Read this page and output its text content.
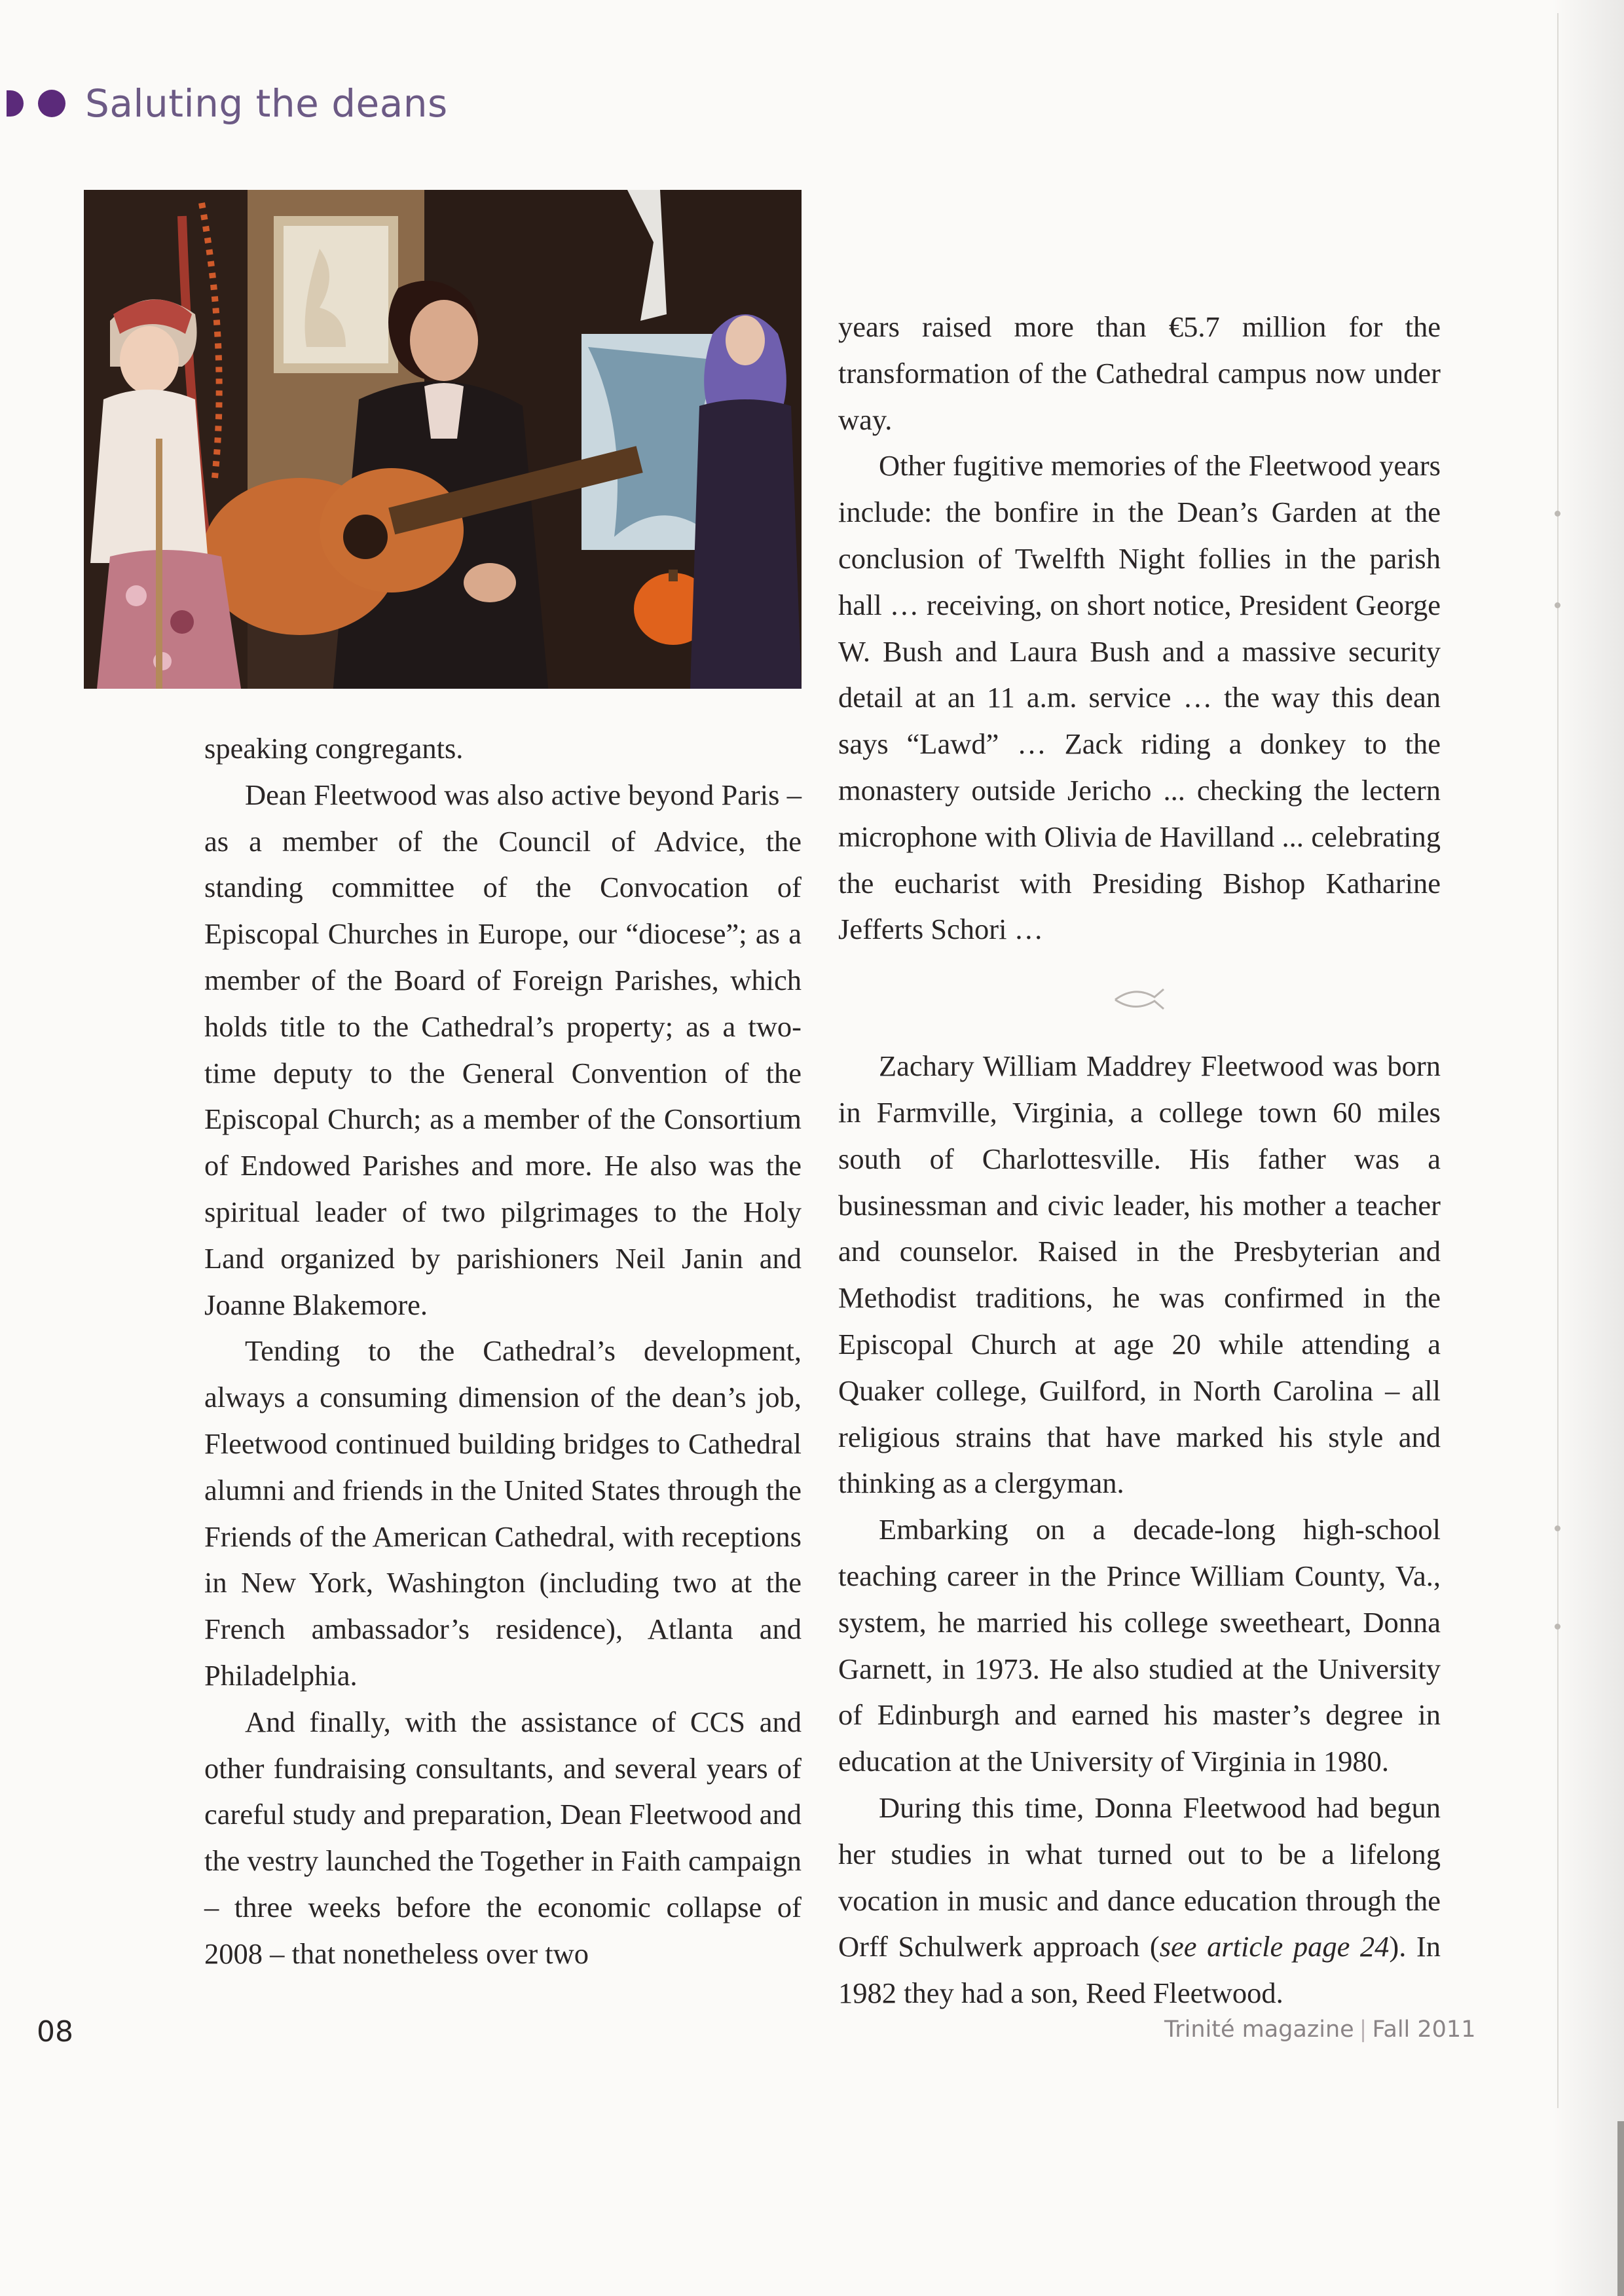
Saluting the deans

speaking congregants.

Dean Fleetwood was also active beyond Paris – as a member of the Council of Advice, the standing committee of the Convocation of Episcopal Churches in Europe, our “diocese”; as a member of the Board of Foreign Parishes, which holds title to the Cathedral’s property; as a two-time deputy to the General Convention of the Episcopal Church; as a member of the Consortium of Endowed Parishes and more. He also was the spiritual leader of two pilgrimages to the Holy Land organized by parishioners Neil Janin and Joanne Blakemore.

Tending to the Cathedral’s development, always a consuming dimension of the dean’s job, Fleetwood continued building bridges to Cathedral alumni and friends in the United States through the Friends of the American Cathedral, with receptions in New York, Washington (including two at the French ambassador’s residence), Atlanta and Philadelphia.

And finally, with the assistance of CCS and other fundraising consultants, and several years of careful study and preparation, Dean Fleetwood and the vestry launched the Together in Faith campaign – three weeks before the economic collapse of 2008 – that nonetheless over two

years raised more than €5.7 million for the transformation of the Cathedral campus now under way.

Other fugitive memories of the Fleetwood years include: the bonfire in the Dean’s Garden at the conclusion of Twelfth Night follies in the parish hall … receiving, on short notice, President George W. Bush and Laura Bush and a massive security detail at an 11 a.m. service … the way this dean says “Lawd” … Zack riding a donkey to the monastery outside Jericho ... checking the lectern microphone with Olivia de Havilland ... celebrating the eucharist with Presiding Bishop Katharine Jefferts Schori …

Zachary William Maddrey Fleetwood was born in Farmville, Virginia, a college town 60 miles south of Charlottesville. His father was a businessman and civic leader, his mother a teacher and counselor. Raised in the Presbyterian and Methodist traditions, he was confirmed in the Episcopal Church at age 20 while attending a Quaker college, Guilford, in North Carolina – all religious strains that have marked his style and thinking as a clergyman.

Embarking on a decade-long high-school teaching career in the Prince William County, Va., system, he married his college sweetheart, Donna Garnett, in 1973. He also studied at the University of Edinburgh and earned his master’s degree in education at the University of Virginia in 1980.

During this time, Donna Fleetwood had begun her studies in what turned out to be a lifelong vocation in music and dance education through the Orff Schulwerk approach (see article page 24). In 1982 they had a son, Reed Fleetwood.

08	Trinité magazine | Fall 2011
